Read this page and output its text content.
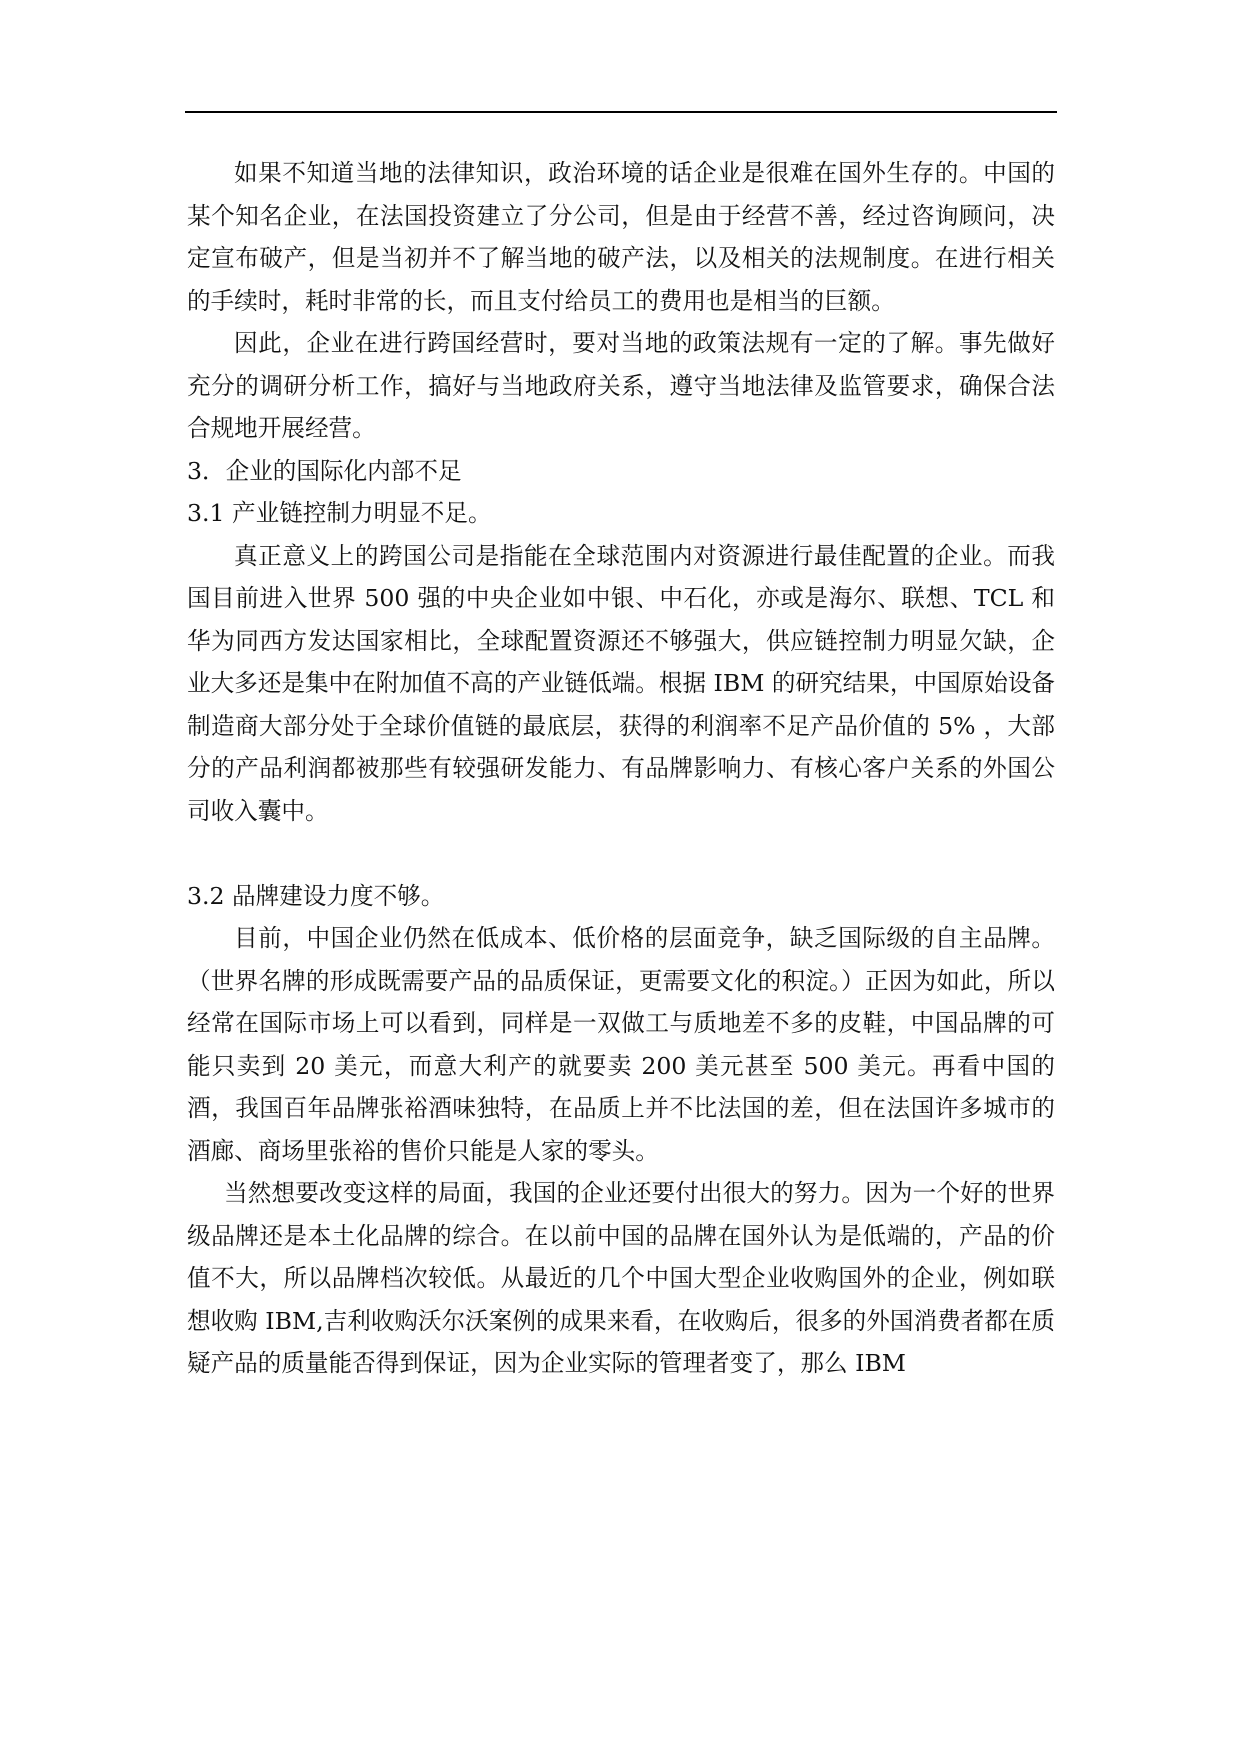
如果不知道当地的法律知识，政治环境的话企业是很难在国外生存的。中国的某个知名企业，在法国投资建立了分公司，但是由于经营不善，经过咨询顾问，决定宣布破产，但是当初并不了解当地的破产法，以及相关的法规制度。在进行相关的手续时，耗时非常的长，而且支付给员工的费用也是相当的巨额。

因此，企业在进行跨国经营时，要对当地的政策法规有一定的了解。事先做好充分的调研分析工作，搞好与当地政府关系，遵守当地法律及监管要求，确保合法合规地开展经营。

3．企业的国际化内部不足

3.1 产业链控制力明显不足。

真正意义上的跨国公司是指能在全球范围内对资源进行最佳配置的企业。而我国目前进入世界 500 强的中央企业如中银、中石化，亦或是海尔、联想、TCL 和华为同西方发达国家相比，全球配置资源还不够强大，供应链控制力明显欠缺，企业大多还是集中在附加值不高的产业链低端。根据 IBM 的研究结果，中国原始设备制造商大部分处于全球价值链的最底层，获得的利润率不足产品价值的 5% ，大部分的产品利润都被那些有较强研发能力、有品牌影响力、有核心客户关系的外国公司收入囊中。

3.2 品牌建设力度不够。

目前，中国企业仍然在低成本、低价格的层面竞争，缺乏国际级的自主品牌。（世界名牌的形成既需要产品的品质保证，更需要文化的积淀。）正因为如此，所以经常在国际市场上可以看到，同样是一双做工与质地差不多的皮鞋，中国品牌的可能只卖到 20 美元，而意大利产的就要卖 200 美元甚至 500 美元。再看中国的酒，我国百年品牌张裕酒味独特，在品质上并不比法国的差，但在法国许多城市的酒廊、商场里张裕的售价只能是人家的零头。

当然想要改变这样的局面，我国的企业还要付出很大的努力。因为一个好的世界级品牌还是本土化品牌的综合。在以前中国的品牌在国外认为是低端的，产品的价值不大，所以品牌档次较低。从最近的几个中国大型企业收购国外的企业，例如联想收购 IBM,吉利收购沃尔沃案例的成果来看，在收购后，很多的外国消费者都在质疑产品的质量能否得到保证，因为企业实际的管理者变了，那么 IBM
